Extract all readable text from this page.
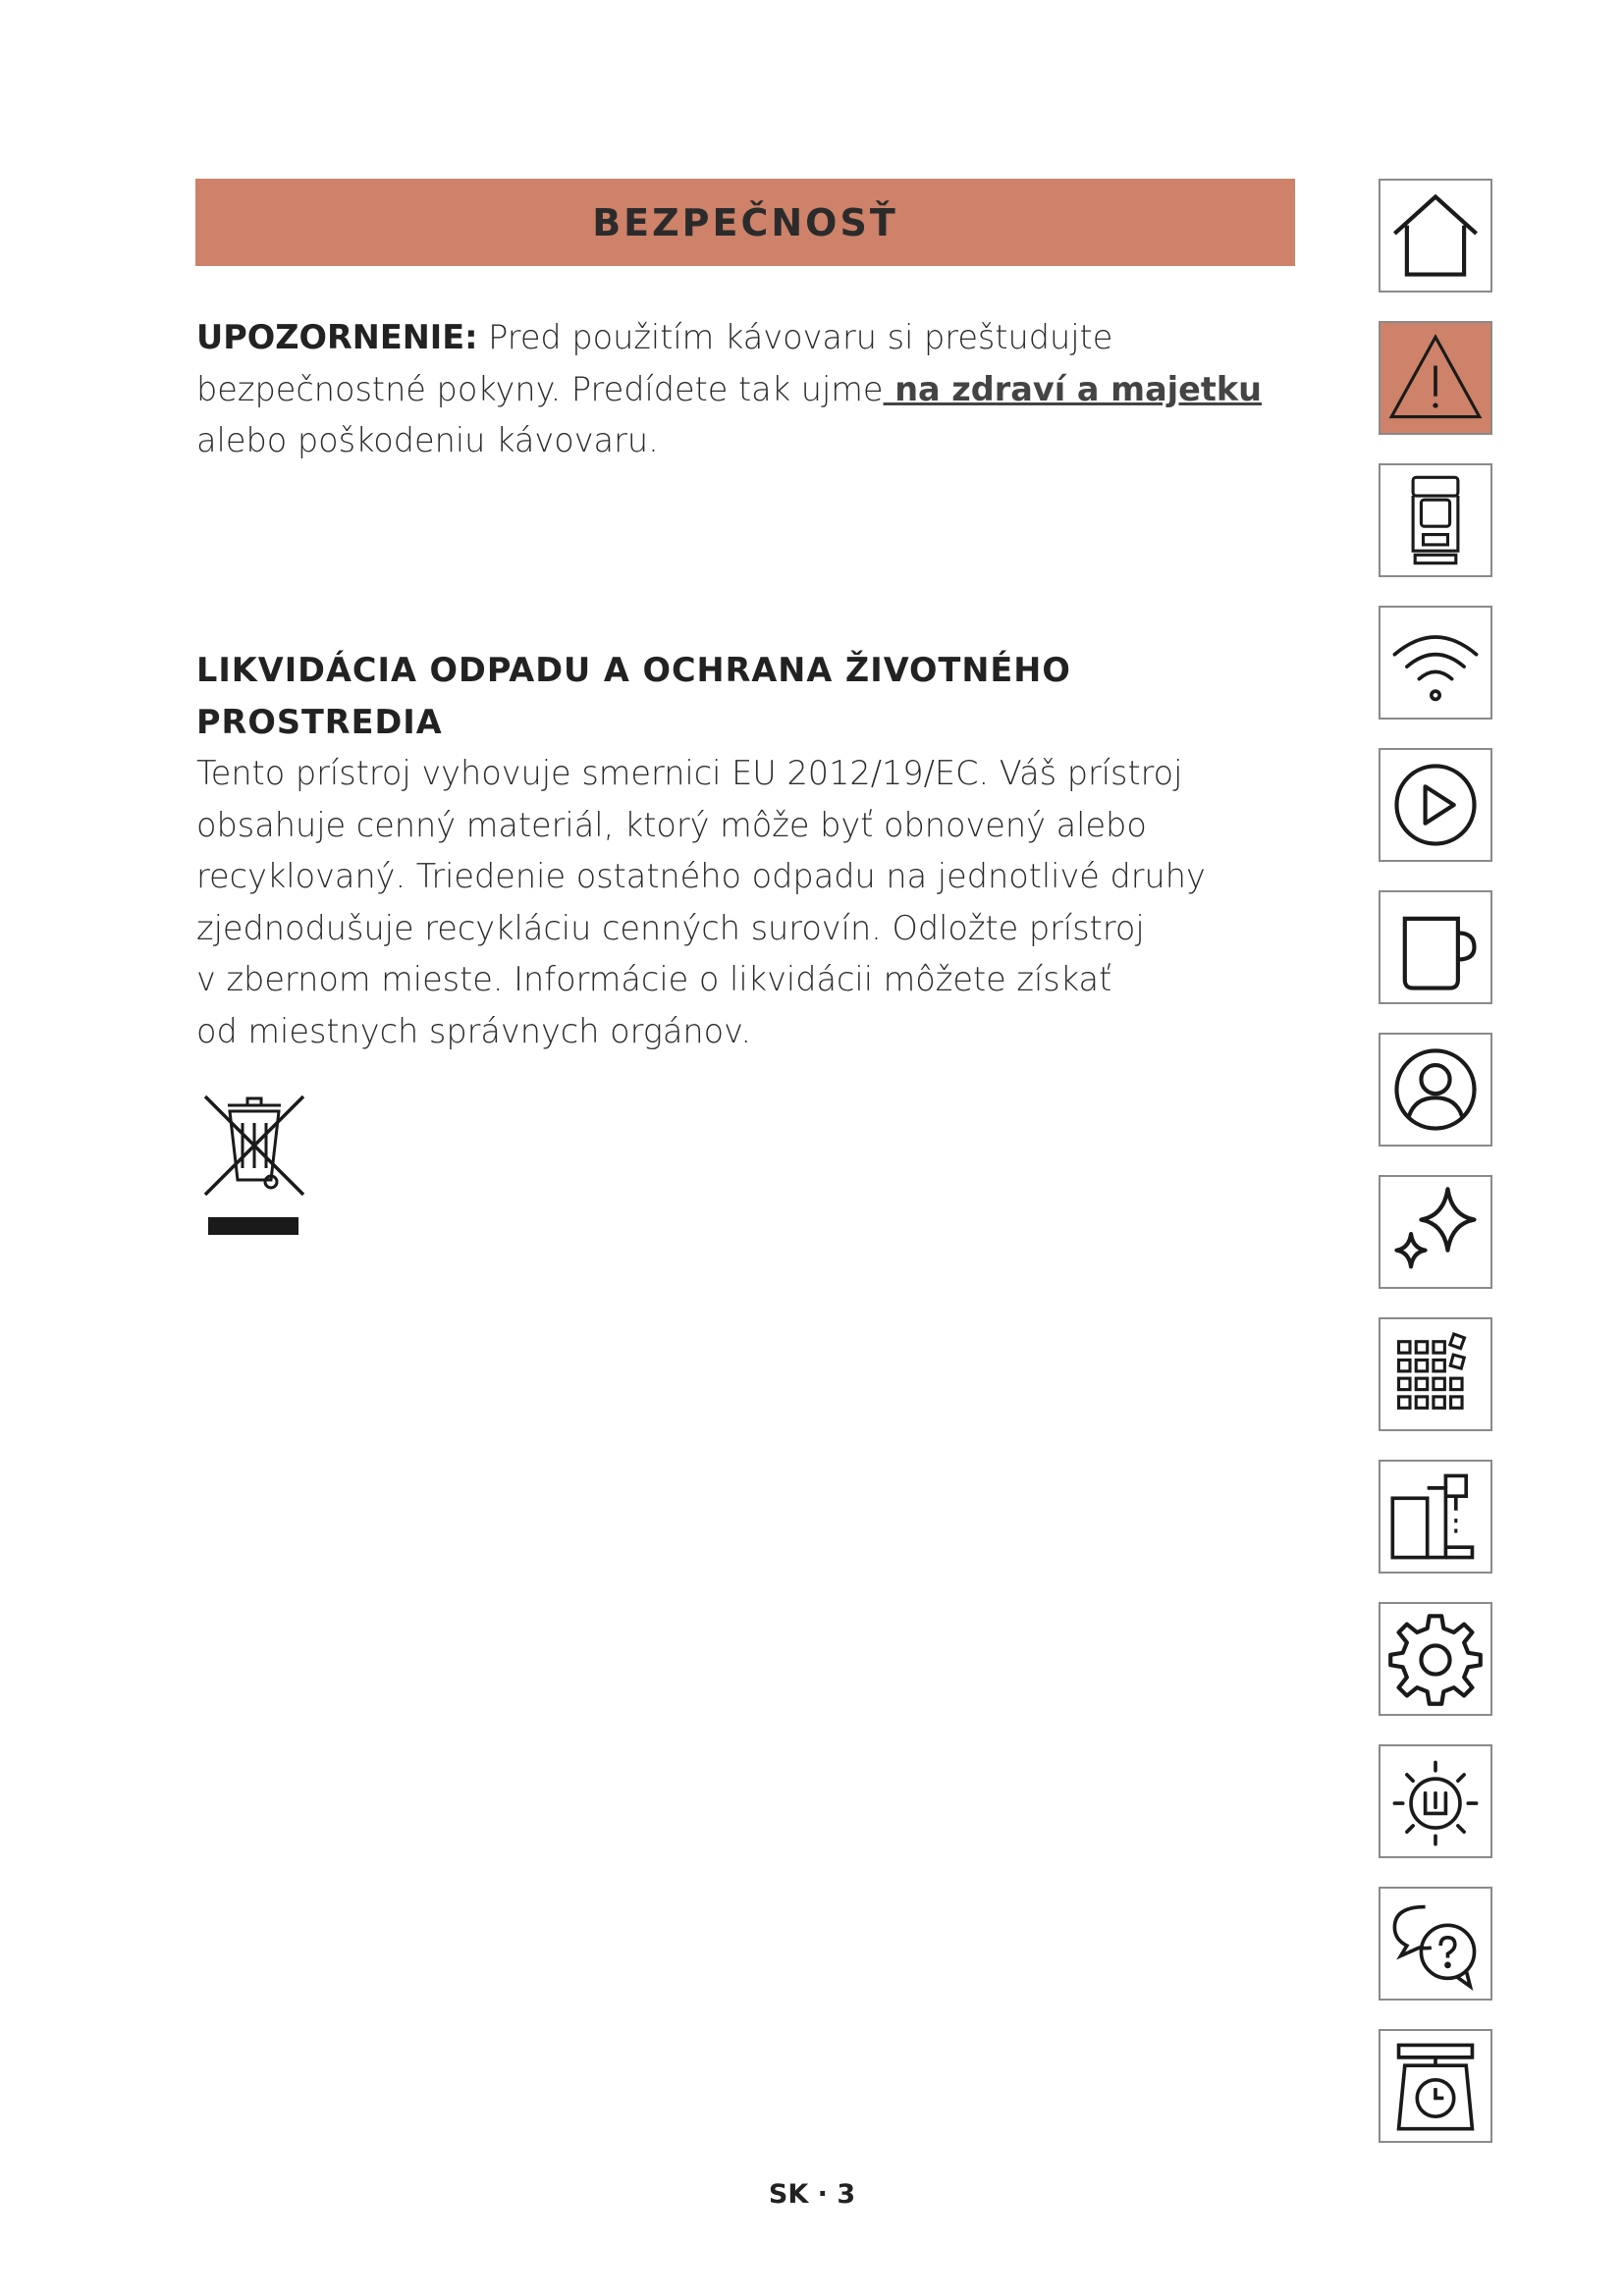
BEZPEČNOSŤ
UPOZORNENIE: Pred použitím kávovaru si preštudujte
bezpečnostné pokyny. Predídete tak ujme na zdraví a majetku
alebo poškodeniu kávovaru.
LIKVIDÁCIA ODPADU A OCHRANA ŽIVOTNÉHO
PROSTREDIA
Tento prístroj vyhovuje smernici EU 2012/19/EC. Váš prístroj
obsahuje cenný materiál, ktorý môže byť obnovený alebo
recyklovaný. Triedenie ostatného odpadu na jednotlivé druhy
zjednodušuje recykláciu cenných surovín. Odložte prístroj
v zbernom mieste. Informácie o likvidácii môžete získať
od miestnych správnych orgánov.
SK · 3
